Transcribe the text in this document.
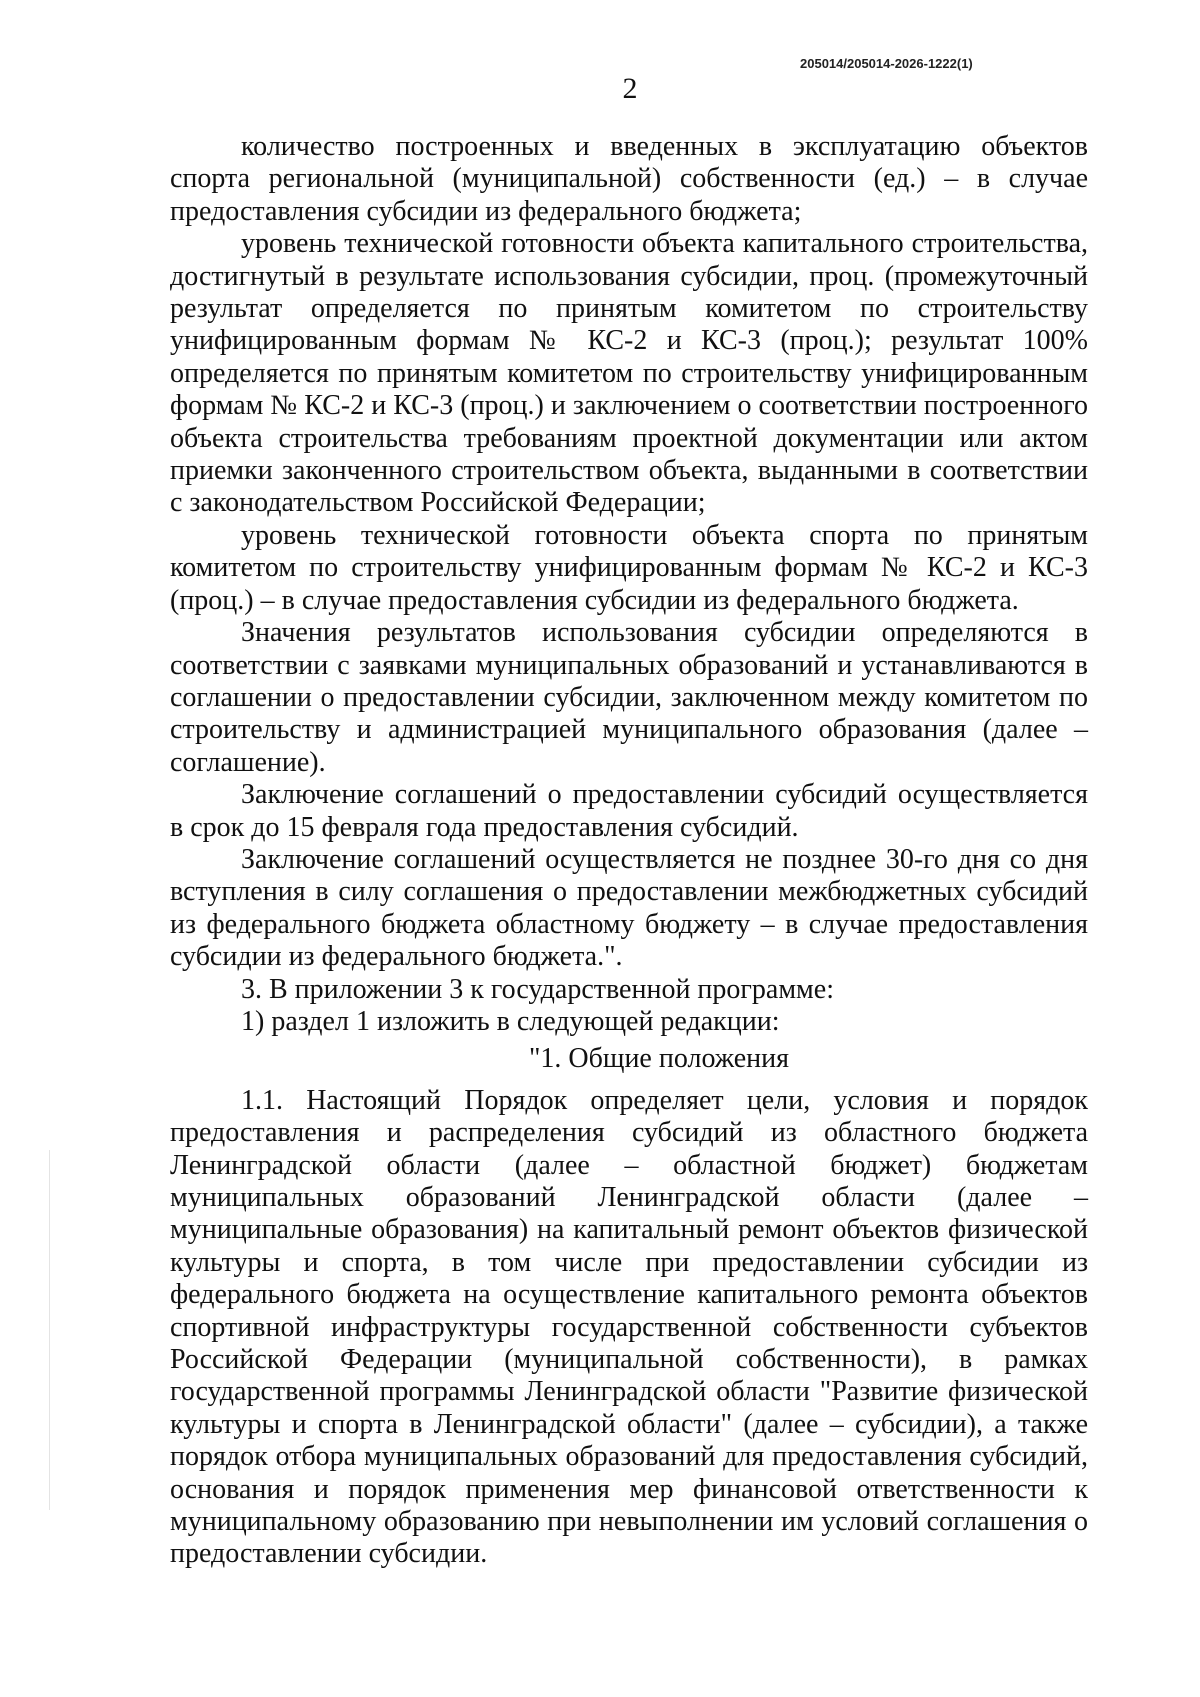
205014/205014-2026-1222(1)
2

количество построенных и введенных в эксплуатацию объектов спорта региональной (муниципальной) собственности (ед.) – в случае предоставления субсидии из федерального бюджета;

уровень технической готовности объекта капитального строительства, достигнутый в результате использования субсидии, проц. (промежуточный результат определяется по принятым комитетом по строительству унифицированным формам № КС-2 и КС-3 (проц.); результат 100% определяется по принятым комитетом по строительству унифицированным формам № КС-2 и КС-3 (проц.) и заключением о соответствии построенного объекта строительства требованиям проектной документации или актом приемки законченного строительством объекта, выданными в соответствии с законодательством Российской Федерации;

уровень технической готовности объекта спорта по принятым комитетом по строительству унифицированным формам № КС-2 и КС-3 (проц.) – в случае предоставления субсидии из федерального бюджета.

Значения результатов использования субсидии определяются в соответствии с заявками муниципальных образований и устанавливаются в соглашении о предоставлении субсидии, заключенном между комитетом по строительству и администрацией муниципального образования (далее – соглашение).

Заключение соглашений о предоставлении субсидий осуществляется в срок до 15 февраля года предоставления субсидий.

Заключение соглашений осуществляется не позднее 30-го дня со дня вступления в силу соглашения о предоставлении межбюджетных субсидий из федерального бюджета областному бюджету – в случае предоставления субсидии из федерального бюджета.".

3. В приложении 3 к государственной программе:

1) раздел 1 изложить в следующей редакции:

"1. Общие положения

1.1. Настоящий Порядок определяет цели, условия и порядок предоставления и распределения субсидий из областного бюджета Ленинградской области (далее – областной бюджет) бюджетам муниципальных образований Ленинградской области (далее – муниципальные образования) на капитальный ремонт объектов физической культуры и спорта, в том числе при предоставлении субсидии из федерального бюджета на осуществление капитального ремонта объектов спортивной инфраструктуры государственной собственности субъектов Российской Федерации (муниципальной собственности), в рамках государственной программы Ленинградской области "Развитие физической культуры и спорта в Ленинградской области" (далее – субсидии), а также порядок отбора муниципальных образований для предоставления субсидий, основания и порядок применения мер финансовой ответственности к муниципальному образованию при невыполнении им условий соглашения о предоставлении субсидии.
